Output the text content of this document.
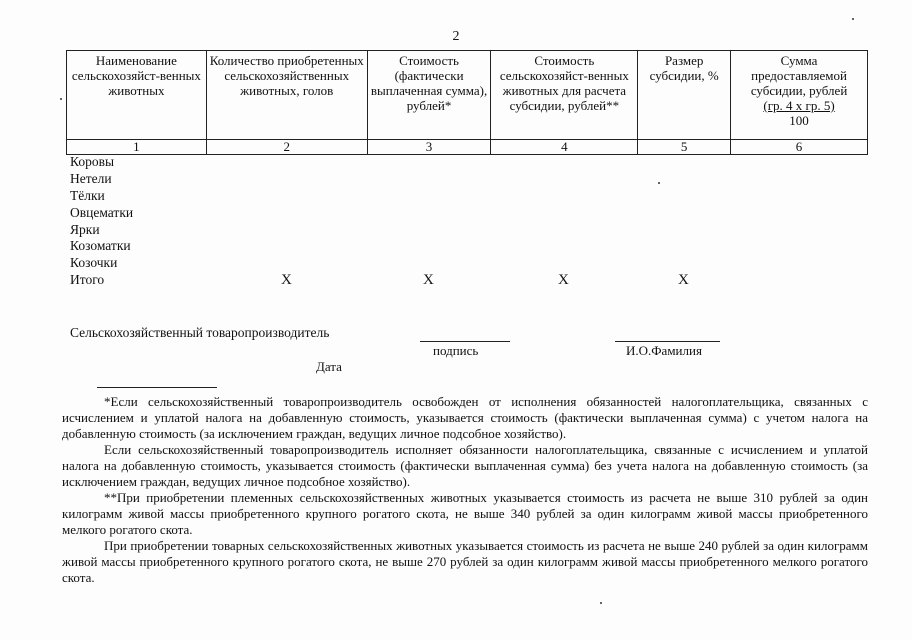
2
Наименование сельскохозяйст-венных животных	Количество приобретенных сельскохозяйственных животных, голов	Стоимость (фактически выплаченная сумма), рублей*	Стоимость сельскохозяйст-венных животных для расчета субсидии, рублей**	Размер субсидии, %	Сумма предоставляемой субсидии, рублей
(гр. 4 х гр. 5)
100
1	2	3	4	5	6
Коровы
Нетели
Тёлки
Овцематки
Ярки
Козоматки
Козочки
Итого	Х	Х	Х	Х
Сельскохозяйственный товаропроизводитель
подпись	И.О.Фамилия
Дата

*Если сельскохозяйственный товаропроизводитель освобожден от исполнения обязанностей налогоплательщика, связанных с исчислением и уплатой налога на добавленную стоимость, указывается стоимость (фактически выплаченная сумма) с учетом налога на добавленную стоимость (за исключением граждан, ведущих личное подсобное хозяйство).

Если сельскохозяйственный товаропроизводитель исполняет обязанности налогоплательщика, связанные с исчислением и уплатой налога на добавленную стоимость, указывается стоимость (фактически выплаченная сумма) без учета налога на добавленную стоимость (за исключением граждан, ведущих личное подсобное хозяйство).

**При приобретении племенных сельскохозяйственных животных указывается стоимость из расчета не выше 310 рублей за один килограмм живой массы приобретенного крупного рогатого скота, не выше 340 рублей за один килограмм живой массы приобретенного мелкого рогатого скота.

При приобретении товарных сельскохозяйственных животных указывается стоимость из расчета не выше 240 рублей за один килограмм живой массы приобретенного крупного рогатого скота, не выше 270 рублей за один килограмм живой массы приобретенного мелкого рогатого скота.
